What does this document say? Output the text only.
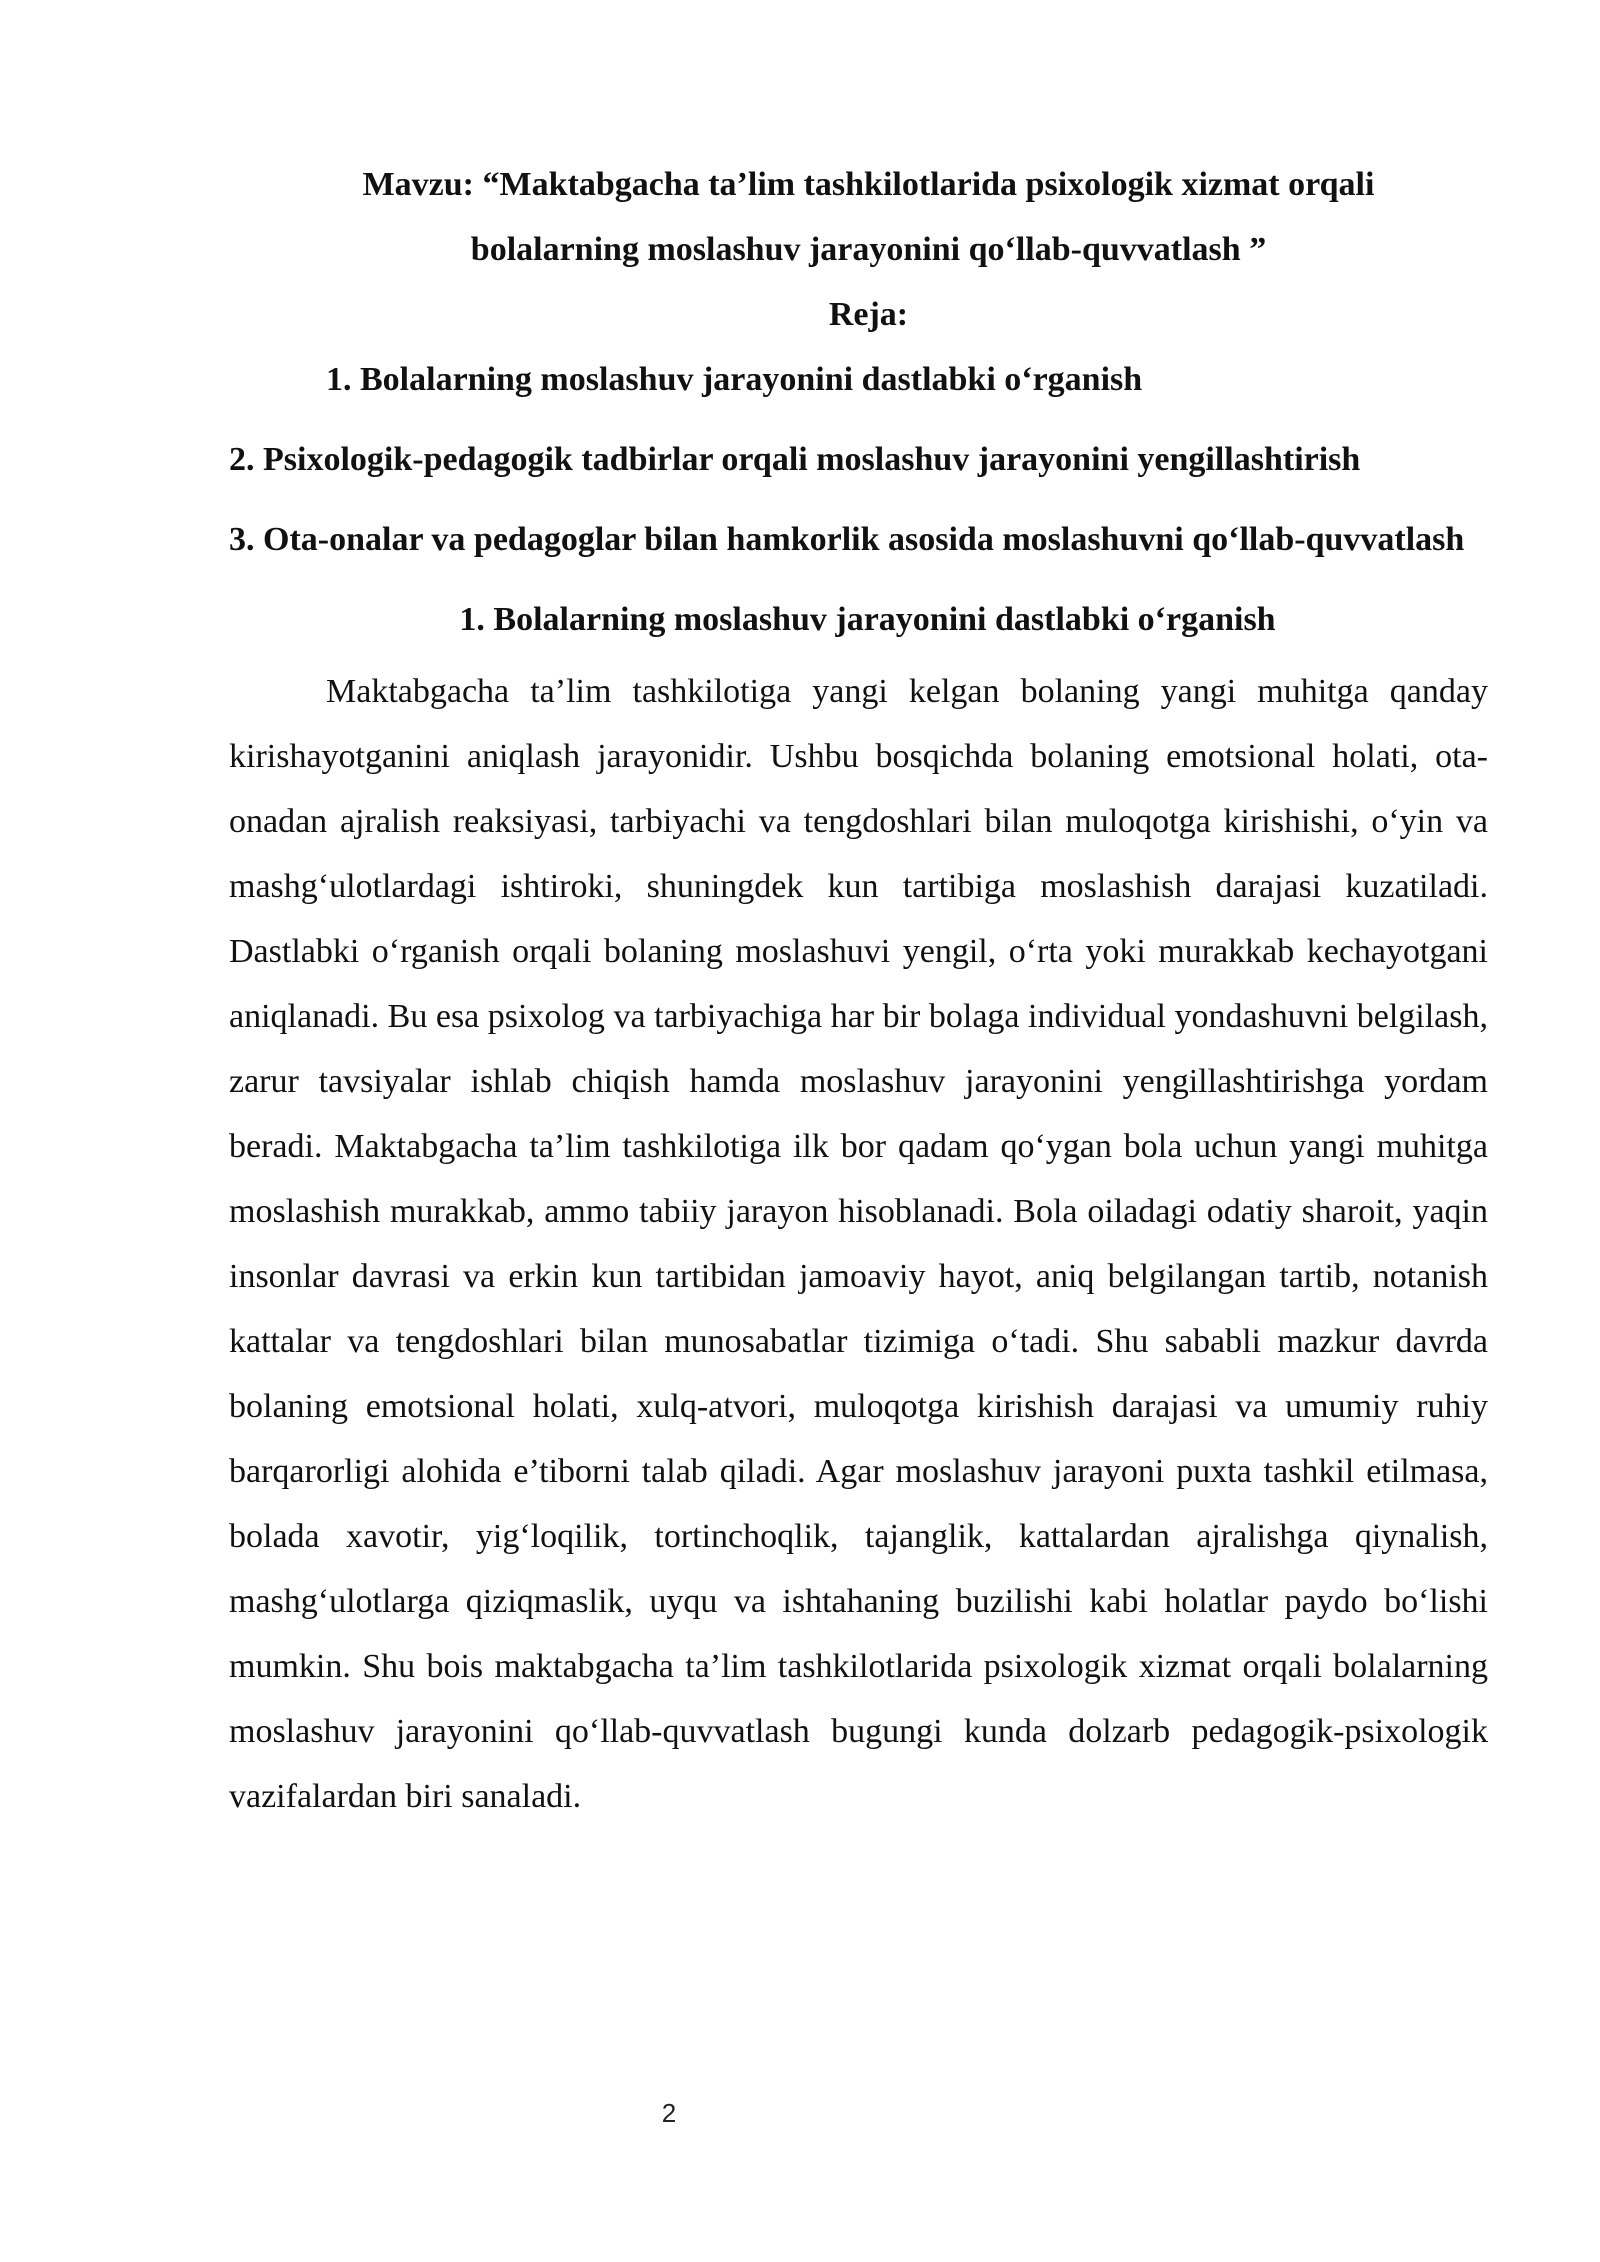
Mavzu: “Maktabgacha ta’lim tashkilotlarida psixologik xizmat orqali

bolalarning moslashuv jarayonini qo‘llab-quvvatlash ”

Reja:

1. Bolalarning moslashuv jarayonini dastlabki o‘rganish
2. Psixologik-pedagogik tadbirlar orqali moslashuv jarayonini yengillashtirish
3. Ota-onalar va pedagoglar bilan hamkorlik asosida moslashuvni qo‘llab-quvvatlash

1. Bolalarning moslashuv jarayonini dastlabki o‘rganish

Maktabgacha ta’lim tashkilotiga yangi kelgan bolaning yangi muhitga qanday kirishayotganini aniqlash jarayonidir. Ushbu bosqichda bolaning emotsional holati, ota-onadan ajralish reaksiyasi, tarbiyachi va tengdoshlari bilan muloqotga kirishishi, o‘yin va mashg‘ulotlardagi ishtiroki, shuningdek kun tartibiga moslashish darajasi kuzatiladi. Dastlabki o‘rganish orqali bolaning moslashuvi yengil, o‘rta yoki murakkab kechayotgani aniqlanadi. Bu esa psixolog va tarbiyachiga har bir bolaga individual yondashuvni belgilash, zarur tavsiyalar ishlab chiqish hamda moslashuv jarayonini yengillashtirishga yordam beradi. Maktabgacha ta’lim tashkilotiga ilk bor qadam qo‘ygan bola uchun yangi muhitga moslashish murakkab, ammo tabiiy jarayon hisoblanadi. Bola oiladagi odatiy sharoit, yaqin insonlar davrasi va erkin kun tartibidan jamoaviy hayot, aniq belgilangan tartib, notanish kattalar va tengdoshlari bilan munosabatlar tizimiga o‘tadi. Shu sababli mazkur davrda bolaning emotsional holati, xulq-atvori, muloqotga kirishish darajasi va umumiy ruhiy barqarorligi alohida e’tiborni talab qiladi. Agar moslashuv jarayoni puxta tashkil etilmasa, bolada xavotir, yig‘loqilik, tortinchoqlik, tajanglik, kattalardan ajralishga qiynalish, mashg‘ulotlarga qiziqmaslik, uyqu va ishtahaning buzilishi kabi holatlar paydo bo‘lishi mumkin. Shu bois maktabgacha ta’lim tashkilotlarida psixologik xizmat orqali bolalarning moslashuv jarayonini qo‘llab-quvvatlash bugungi kunda dolzarb pedagogik-psixologik vazifalardan biri sanaladi.

2
